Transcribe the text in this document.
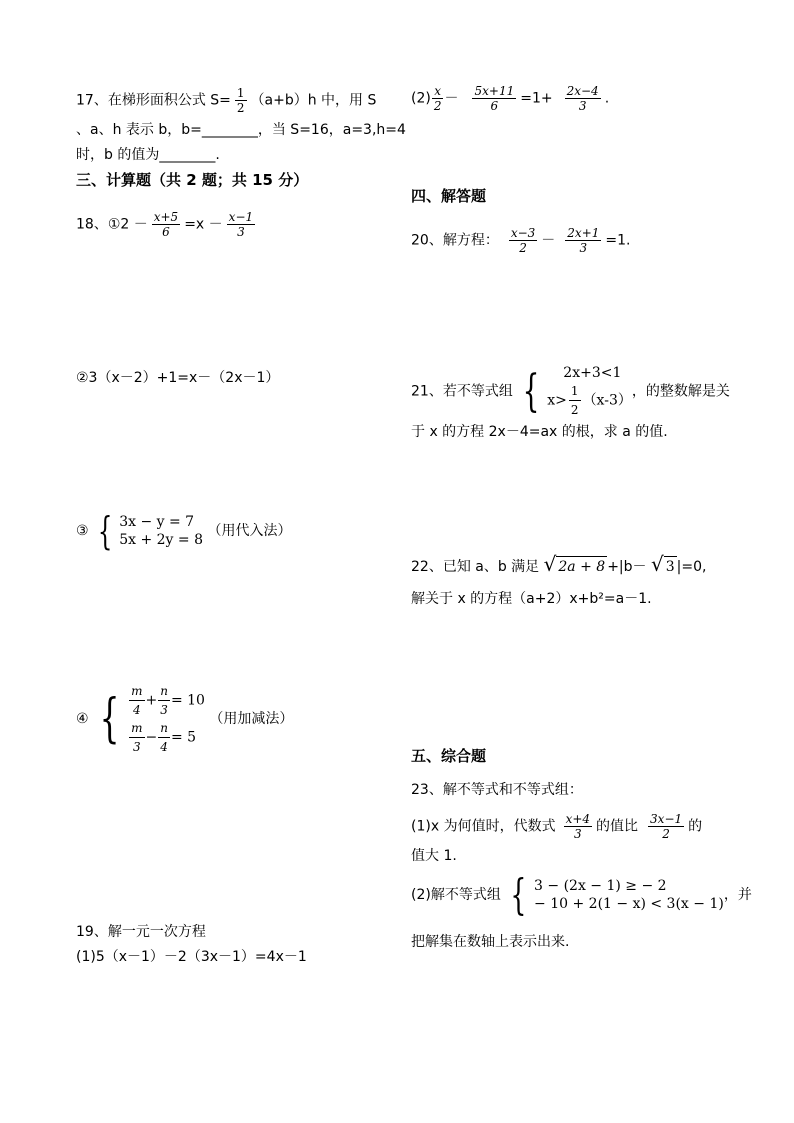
17、在梯形面积公式 $S= \frac{1}{2} (a+b)h$ 中，用 S
、a、h 表示 b，b=________，当 S=16，a=3,h=4
时，b 的值为________.
三、计算题（共 2 题；共 15 分）
18、①2 － $\frac{x+5}{6} =x - \frac{x-1}{3}$
②3（x－2）+1=x－（2x－1）
③ { 3x − y = 7
5x + 2y = 8
（用代入法）
④ { $\frac{m}{4} + \frac{n}{3} = 10$
$\frac{m}{3} - \frac{n}{4} = 5$
（用加减法）
19、解一元一次方程
(1)5（x－1）－2（3x－1）=4x－1
$(2) \frac{x}{2} - \frac{5x+11}{6} =1+ \frac{2x-4}{3}$ .
四、解答题
20、解方程： $\frac{x-3}{2} - \frac{2x+1}{3} =1$.
21、若不等式组 {	2x+3<1
$x> \frac{1}{2} (x-3)$
，的整数解是关
于 x 的方程 2x－4=ax 的根，求 a 的值.
22、已知 a、b 满足 √ 2a + 8 +|b－ √ 3 |=0,
解关于 x 的方程（a+2）x+b²=a－1.
五、综合题
23、解不等式和不等式组：
(1)x 为何值时，代数式 $\frac{x+4}{3}$ 的值比 $\frac{3x-1}{2}$ 的
值大 1.
(2)解不等式组 { 3 − (2x − 1) ≥ − 2
− 10 + 2(1 − x) < 3(x − 1)
，并
把解集在数轴上表示出来.
